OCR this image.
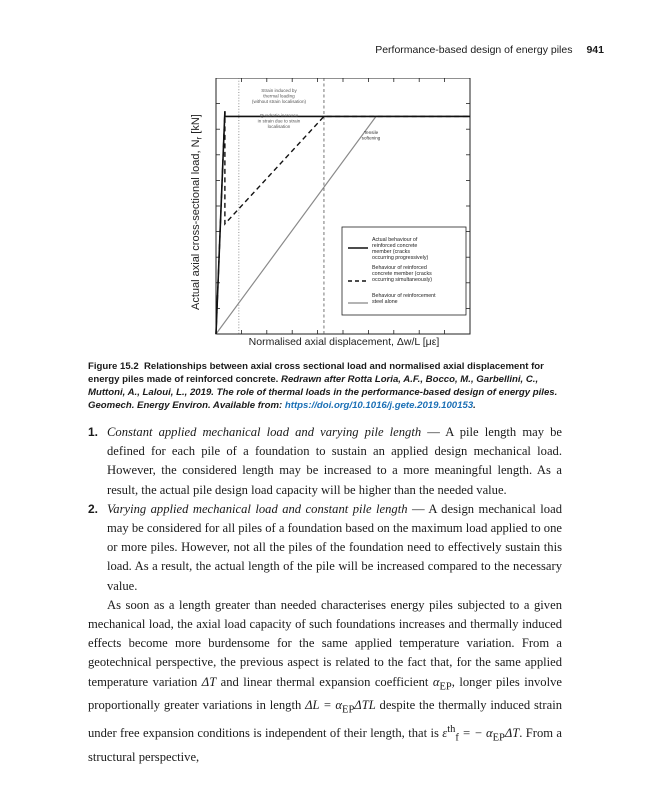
Performance-based design of energy piles 941
Strain induced by
thermal loading
(without strain localisation)
Quadratic increase
in strain due to strain
localisation
Tensile
softening
Actual behaviour of
reinforced concrete
member (cracks
occurring progressively)
Behaviour of reinforced
concrete member (cracks
occurring simultaneously)
Behaviour of reinforcement
steel alone
Actual axial cross-sectional load, $N_r$ [kN]
Normalised axial displacement, Δw/L [με]
Figure 15.2 Relationships between axial cross sectional load and normalised axial displacement for energy piles made of reinforced concrete. Redrawn after Rotta Loria, A.F., Bocco, M., Garbellini, C., Muttoni, A., Laloui, L., 2019. The role of thermal loads in the performance-based design of energy piles. Geomech. Energy Environ. Available from: https://doi.org/10.1016/j.gete.2019.100153.
1. Constant applied mechanical load and varying pile length — A pile length may be defined for each pile of a foundation to sustain an applied design mechanical load. However, the considered length may be increased to a more meaningful length. As a result, the actual pile design load capacity will be higher than the needed value.
2. Varying applied mechanical load and constant pile length — A design mechanical load may be considered for all piles of a foundation based on the maximum load applied to one or more piles. However, not all the piles of the foundation need to effectively sustain this load. As a result, the actual length of the pile will be increased compared to the necessary value.

As soon as a length greater than needed characterises energy piles subjected to a given mechanical load, the axial load capacity of such foundations increases and thermally induced effects become more burdensome for the same applied temperature variation. From a geotechnical perspective, the previous aspect is related to the fact that, for the same applied temperature variation ΔT and linear thermal expansion coefficient $\alpha_{EP}$, longer piles involve proportionally greater variations in length $\Delta L = \alpha_{EP}\Delta TL$ despite the thermally induced strain under free expansion conditions is independent of their length, that is $\varepsilon^{th}_f$ = − $\alpha_{EP}\Delta T$. From a structural perspective,
